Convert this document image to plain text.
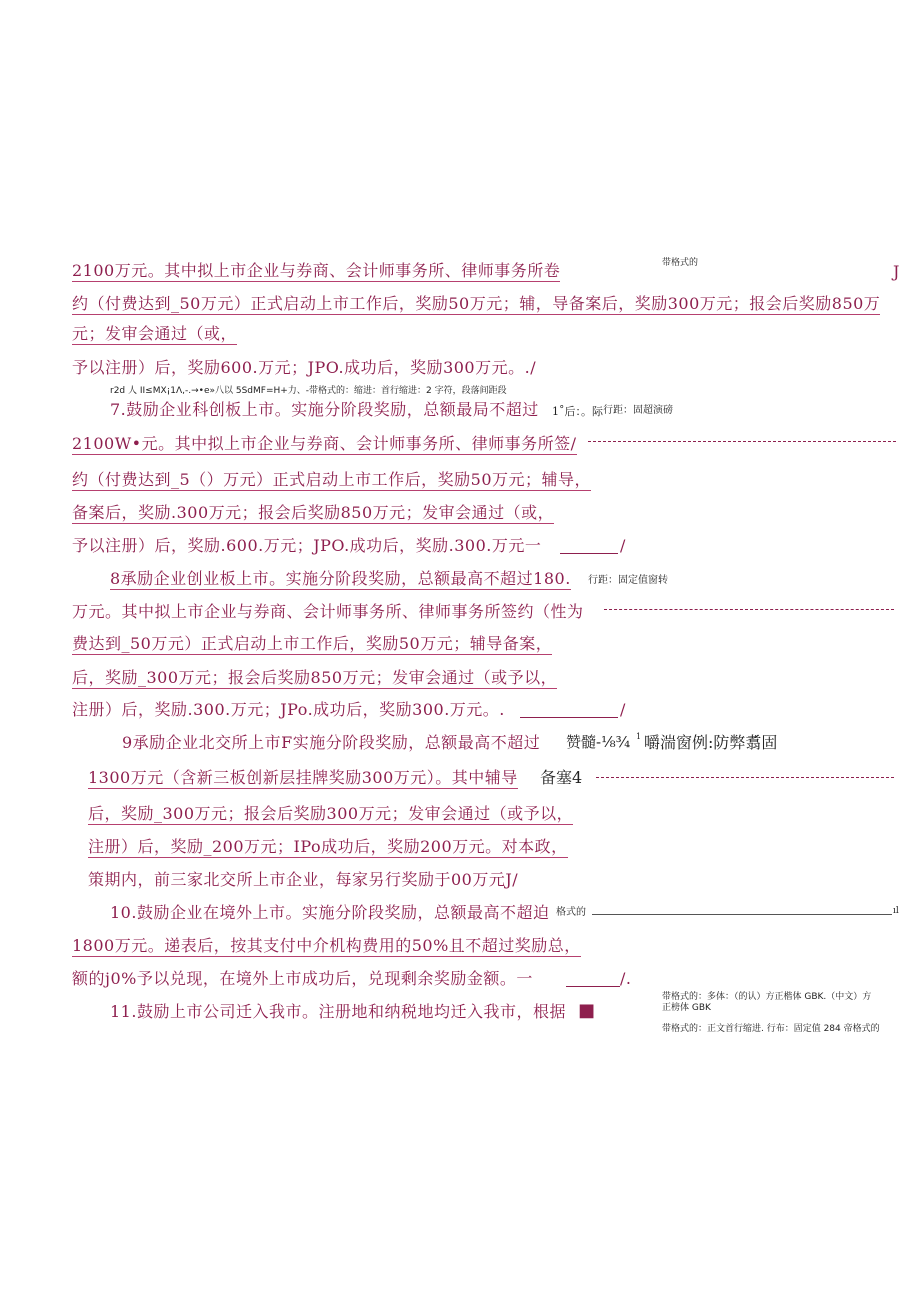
带格式的	J
2100万元。其中拟上市企业与券商、会计师事务所、律师事务所卷
约（付费达到_50万元）正式启动上市工作后，奖励50万元；辅，导备案后，奖励300万元；报会后奖励850万
元；发审会通过（或，
予以注册）后，奖励600.万元；JPO.成功后，奖励300万元。./
r2d 人 II≤MX¡1Λ,-.→•e»八以 5SdMF=H+力、-带格式的：缩进：首行缩进：2 字符，段落间距段
7.鼓励企业科创板上市。实施分阶段奖励，总额最局不超过 1˚后：。际 行距：固超演磅
2100W•元。其中拟上市企业与券商、会计师事务所、律师事务所签/
约（付费达到_5（）万元）正式启动上市工作后，奖励50万元；辅导，
备案后，奖励.300万元；报会后奖励850万元；发审会通过（或，
予以注册）后，奖励.600.万元；JPO.成功后，奖励.300.万元一	/
8承励企业创业板上市。实施分阶段奖励，总额最高不超过180. 行距：固定值窗转
万元。其中拟上市企业与券商、会计师事务所、律师事务所签约（性为
费达到_50万元）正式启动上市工作后，奖励50万元；辅导备案，
后，奖励_300万元；报会后奖励850万元；发审会通过（或予以，
注册）后，奖励.300.万元；JPo.成功后，奖励300.万元。.	/
9承励企业北交所上市F实施分阶段奖励，总额最高不超过 赞髓-⅛¾ 1 嚼湍窗例:防弊翥固
1300万元（含新三板创新层挂牌奖励300万元）。其中辅导 备塞4
后，奖励_300万元；报会后奖励300万元；发审会通过（或予以，
注册）后，奖励_200万元；IPo成功后，奖励200万元。对本政，
策期内，前三家北交所上市企业，每家另行奖励于00万元J/
10.鼓励企业在境外上市。实施分阶段奖励，总额最高不超迫 格式的	ıl
1800万元。递表后，按其支付中介机构费用的50%且不超过奖励总，
额的j0%予以兑现，在境外上市成功后，兑现剩余奖励金额。一	/.
11.鼓励上市公司迁入我市。注册地和纳税地均迁入我市，根据 ■
带格式的：多体：（的认）方正楷体 GBK.（中文）方
正榜体 GBK
带格式的：正文首行缩进. 行布：固定值 284 帝格式的
